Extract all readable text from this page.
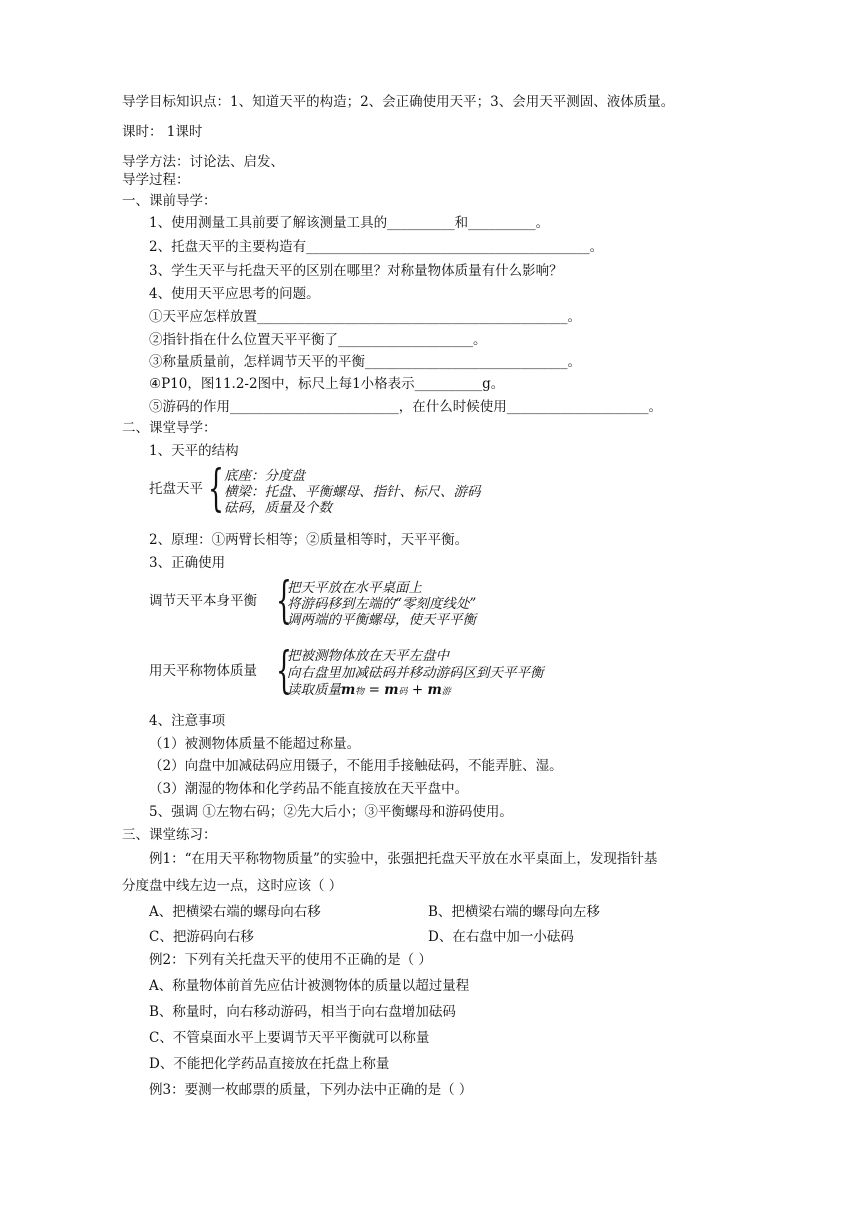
导学目标知识点：1、知道天平的构造；2、会正确使用天平；3、会用天平测固、液体质量。
课时： 1课时
导学方法：讨论法、启发、
导学过程：
一、课前导学：
1、使用测量工具前要了解该测量工具的__________和__________。
2、托盘天平的主要构造有__________________________________________。
3、学生天平与托盘天平的区别在哪里？对称量物体质量有什么影响？
4、使用天平应思考的问题。
①天平应怎样放置______________________________________________。
②指针指在什么位置天平平衡了____________________。
③称量质量前，怎样调节天平的平衡______________________________。
④P10，图11.2-2图中，标尺上每1小格表示__________g。
⑤游码的作用_________________________，在什么时候使用_____________________。
二、课堂导学：
1、天平的结构
托盘天平 { 底座：分度盘
横梁：托盘、平衡螺母、指针、标尺、游码
砝码，质量及个数
2、原理：①两臂长相等；②质量相等时，天平平衡。
3、正确使用
调节天平本身平衡 {
把天平放在水平桌面上
将游码移到左端的“零刻度线处”
调两端的平衡螺母，使天平平衡
用天平称物体质量 {
把被测物体放在天平左盘中
向右盘里加减砝码并移动游码区到天平平衡
读取质量m物 = m码 + m游
4、注意事项
（1）被测物体质量不能超过称量。
（2）向盘中加减砝码应用镊子，不能用手接触砝码，不能弄脏、湿。
（3）潮湿的物体和化学药品不能直接放在天平盘中。
5、强调 ①左物右码；②先大后小；③平衡螺母和游码使用。
三、课堂练习：
例1：“在用天平称物物质量”的实验中，张强把托盘天平放在水平桌面上，发现指针基
分度盘中线左边一点，这时应该（ ）
A、把横梁右端的螺母向右移	B、把横梁右端的螺母向左移
C、把游码向右移	D、在右盘中加一小砝码
例2：下列有关托盘天平的使用不正确的是（ ）
A、称量物体前首先应估计被测物体的质量以超过量程
B、称量时，向右移动游码，相当于向右盘增加砝码
C、不管桌面水平上要调节天平平衡就可以称量
D、不能把化学药品直接放在托盘上称量
例3：要测一枚邮票的质量，下列办法中正确的是（ ）
